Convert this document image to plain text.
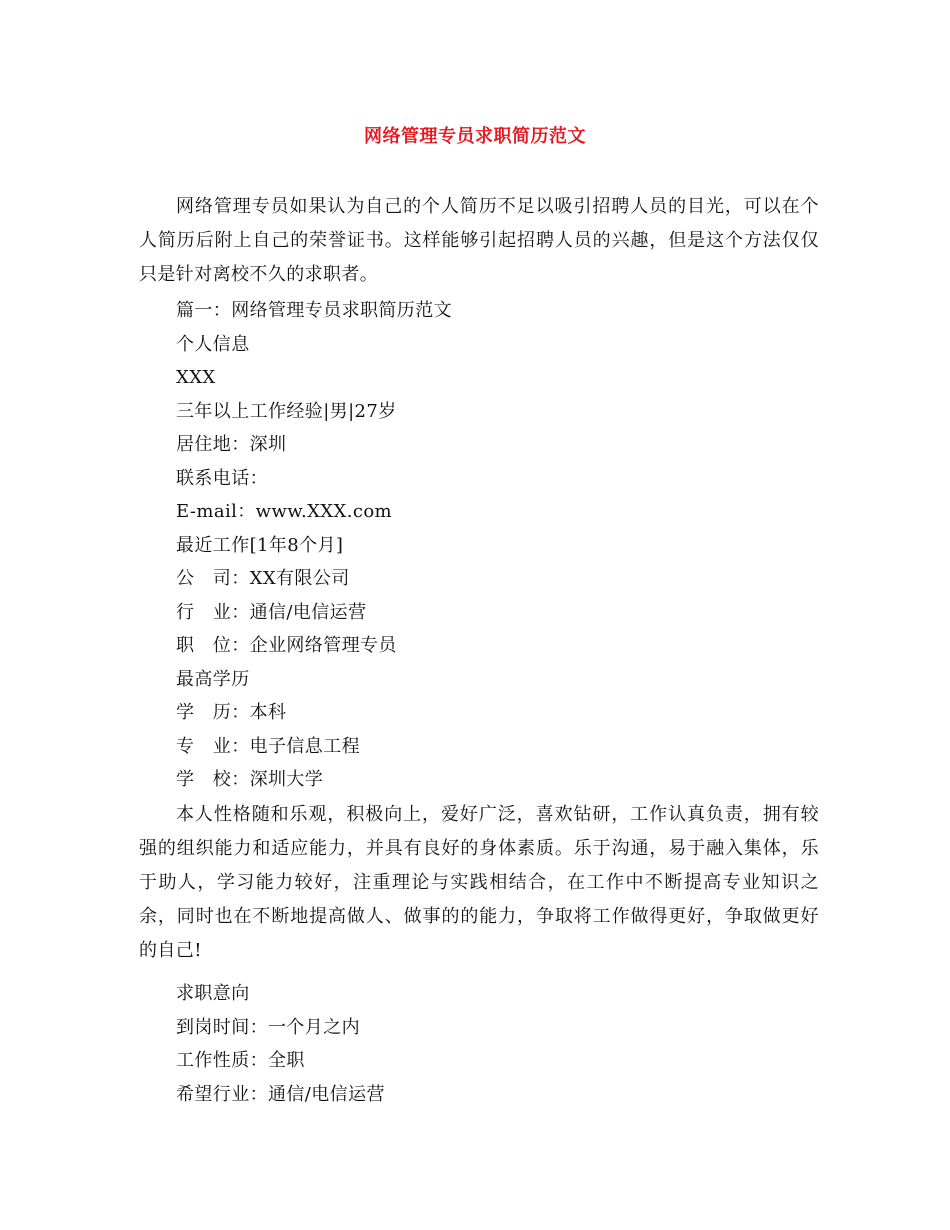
网络管理专员求职简历范文

网络管理专员如果认为自己的个人简历不足以吸引招聘人员的目光，可以在个人简历后附上自己的荣誉证书。这样能够引起招聘人员的兴趣，但是这个方法仅仅只是针对离校不久的求职者。

篇一：网络管理专员求职简历范文
个人信息
XXX
三年以上工作经验|男|27岁
居住地：深圳
联系电话：
E-mail：www.XXX.com
最近工作[1年8个月]
公　司：XX有限公司
行　业：通信/电信运营
职　位：企业网络管理专员
最高学历
学　历：本科
专　业：电子信息工程
学　校：深圳大学

本人性格随和乐观，积极向上，爱好广泛，喜欢钻研，工作认真负责，拥有较强的组织能力和适应能力，并具有良好的身体素质。乐于沟通，易于融入集体，乐于助人，学习能力较好，注重理论与实践相结合，在工作中不断提高专业知识之余，同时也在不断地提高做人、做事的的能力，争取将工作做得更好，争取做更好的自己!

求职意向
到岗时间：一个月之内
工作性质：全职
希望行业：通信/电信运营
